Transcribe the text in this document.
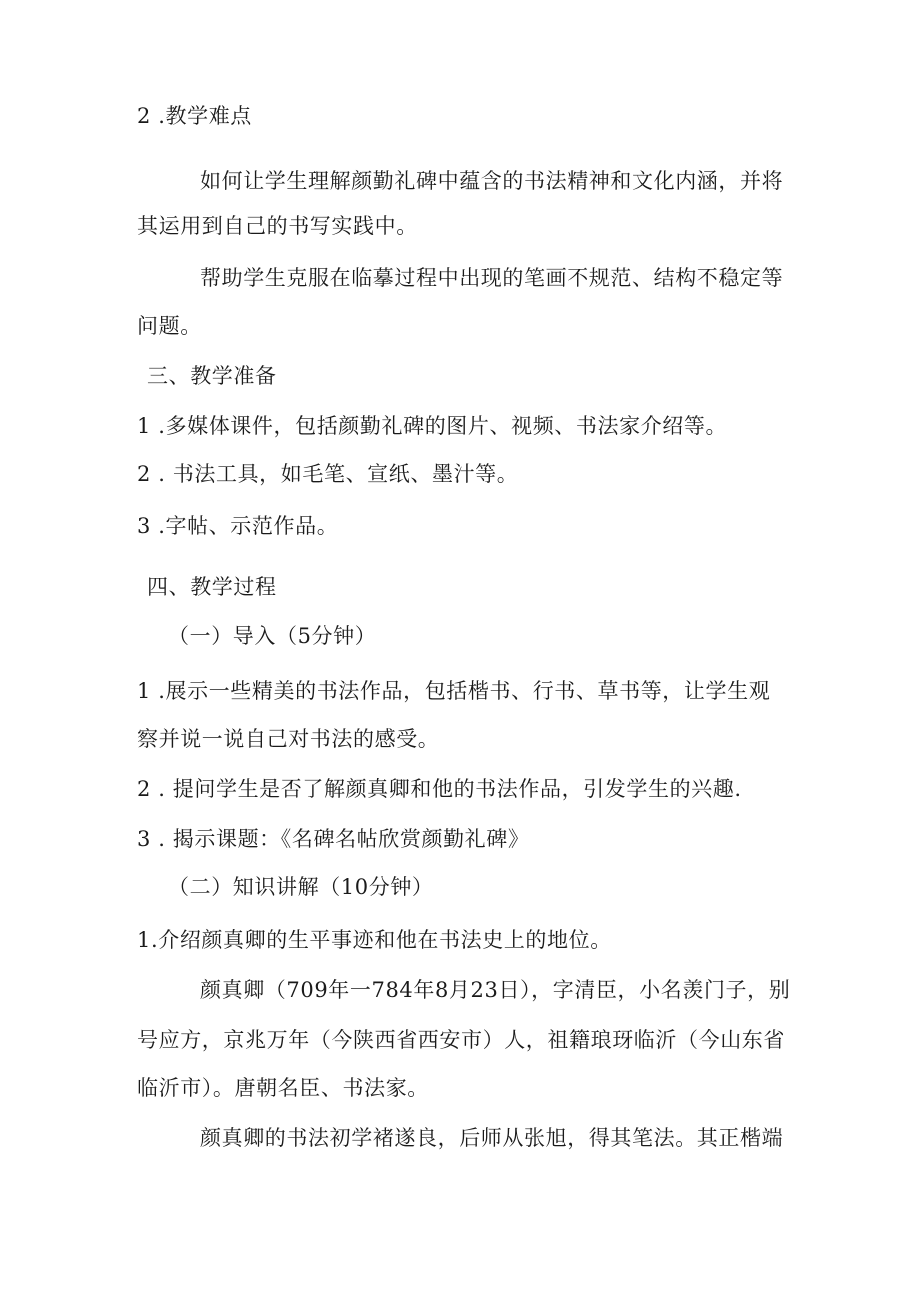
2 .教学难点
如何让学生理解颜勤礼碑中蕴含的书法精神和文化内涵，并将
其运用到自己的书写实践中。
帮助学生克服在临摹过程中出现的笔画不规范、结构不稳定等
问题。
三、教学准备
1 .多媒体课件，包括颜勤礼碑的图片、视频、书法家介绍等。
2 . 书法工具，如毛笔、宣纸、墨汁等。
3 .字帖、示范作品。
四、教学过程
（一）导入（5分钟）
1 .展示一些精美的书法作品，包括楷书、行书、草书等，让学生观
察并说一说自己对书法的感受。
2 . 提问学生是否了解颜真卿和他的书法作品，引发学生的兴趣.
3 . 揭示课题：《名碑名帖欣赏颜勤礼碑》
（二）知识讲解（10分钟）
1.介绍颜真卿的生平事迹和他在书法史上的地位。
颜真卿（709年一784年8月23日），字清臣，小名羡门子，别
号应方，京兆万年（今陕西省西安市）人，祖籍琅玡临沂（今山东省
临沂市）。唐朝名臣、书法家。
颜真卿的书法初学褚遂良，后师从张旭，得其笔法。其正楷端
